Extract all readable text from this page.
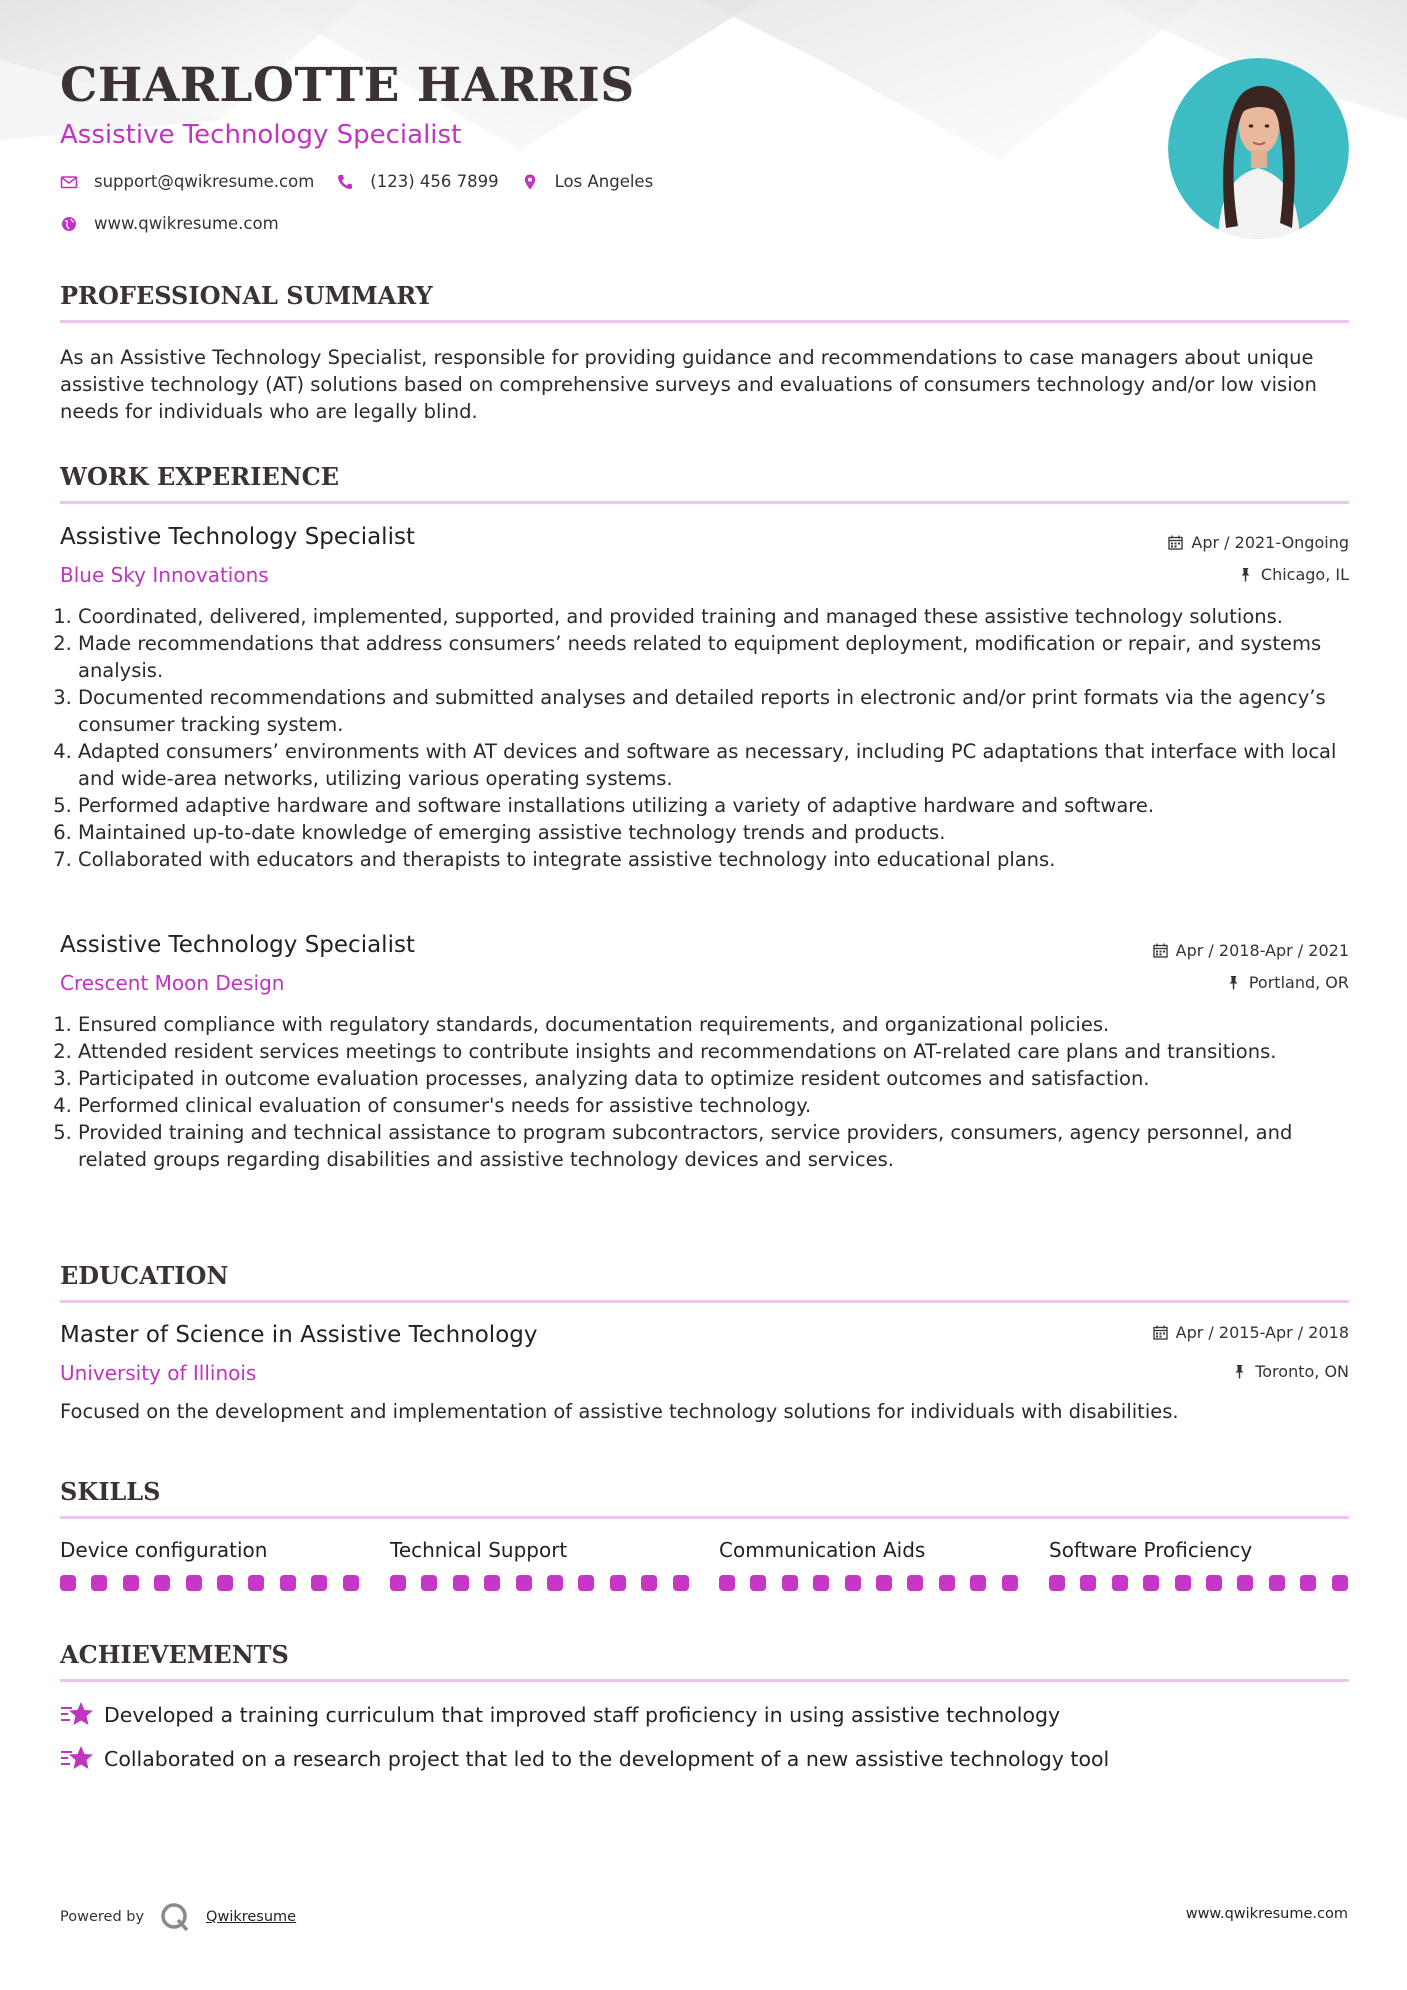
CHARLOTTE HARRIS
Assistive Technology Specialist
support@qwikresume.com	(123) 456 7899	Los Angeles
www.qwikresume.com
PROFESSIONAL SUMMARY

As an Assistive Technology Specialist, responsible for providing guidance and recommendations to case managers about unique assistive technology (AT) solutions based on comprehensive surveys and evaluations of consumers technology and/or low vision needs for individuals who are legally blind.

WORK EXPERIENCE
Assistive Technology Specialist	Apr / 2021-Ongoing
Blue Sky Innovations	Chicago, IL
1. Coordinated, delivered, implemented, supported, and provided training and managed these assistive technology solutions.
2. Made recommendations that address consumers’ needs related to equipment deployment, modification or repair, and systems analysis.
3. Documented recommendations and submitted analyses and detailed reports in electronic and/or print formats via the agency’s consumer tracking system.
4. Adapted consumers’ environments with AT devices and software as necessary, including PC adaptations that interface with local and wide-area networks, utilizing various operating systems.
5. Performed adaptive hardware and software installations utilizing a variety of adaptive hardware and software.
6. Maintained up-to-date knowledge of emerging assistive technology trends and products.
7. Collaborated with educators and therapists to integrate assistive technology into educational plans.
Assistive Technology Specialist	Apr / 2018-Apr / 2021
Crescent Moon Design	Portland, OR
1. Ensured compliance with regulatory standards, documentation requirements, and organizational policies.
2. Attended resident services meetings to contribute insights and recommendations on AT-related care plans and transitions.
3. Participated in outcome evaluation processes, analyzing data to optimize resident outcomes and satisfaction.
4. Performed clinical evaluation of consumer's needs for assistive technology.
5. Provided training and technical assistance to program subcontractors, service providers, consumers, agency personnel, and related groups regarding disabilities and assistive technology devices and services.
EDUCATION
Master of Science in Assistive Technology	Apr / 2015-Apr / 2018
University of Illinois	Toronto, ON

Focused on the development and implementation of assistive technology solutions for individuals with disabilities.

SKILLS
Device configuration	Technical Support	Communication Aids	Software Proficiency
ACHIEVEMENTS
Developed a training curriculum that improved staff proficiency in using assistive technology
Collaborated on a research project that led to the development of a new assistive technology tool
Powered by	Qwikresume	www.qwikresume.com
